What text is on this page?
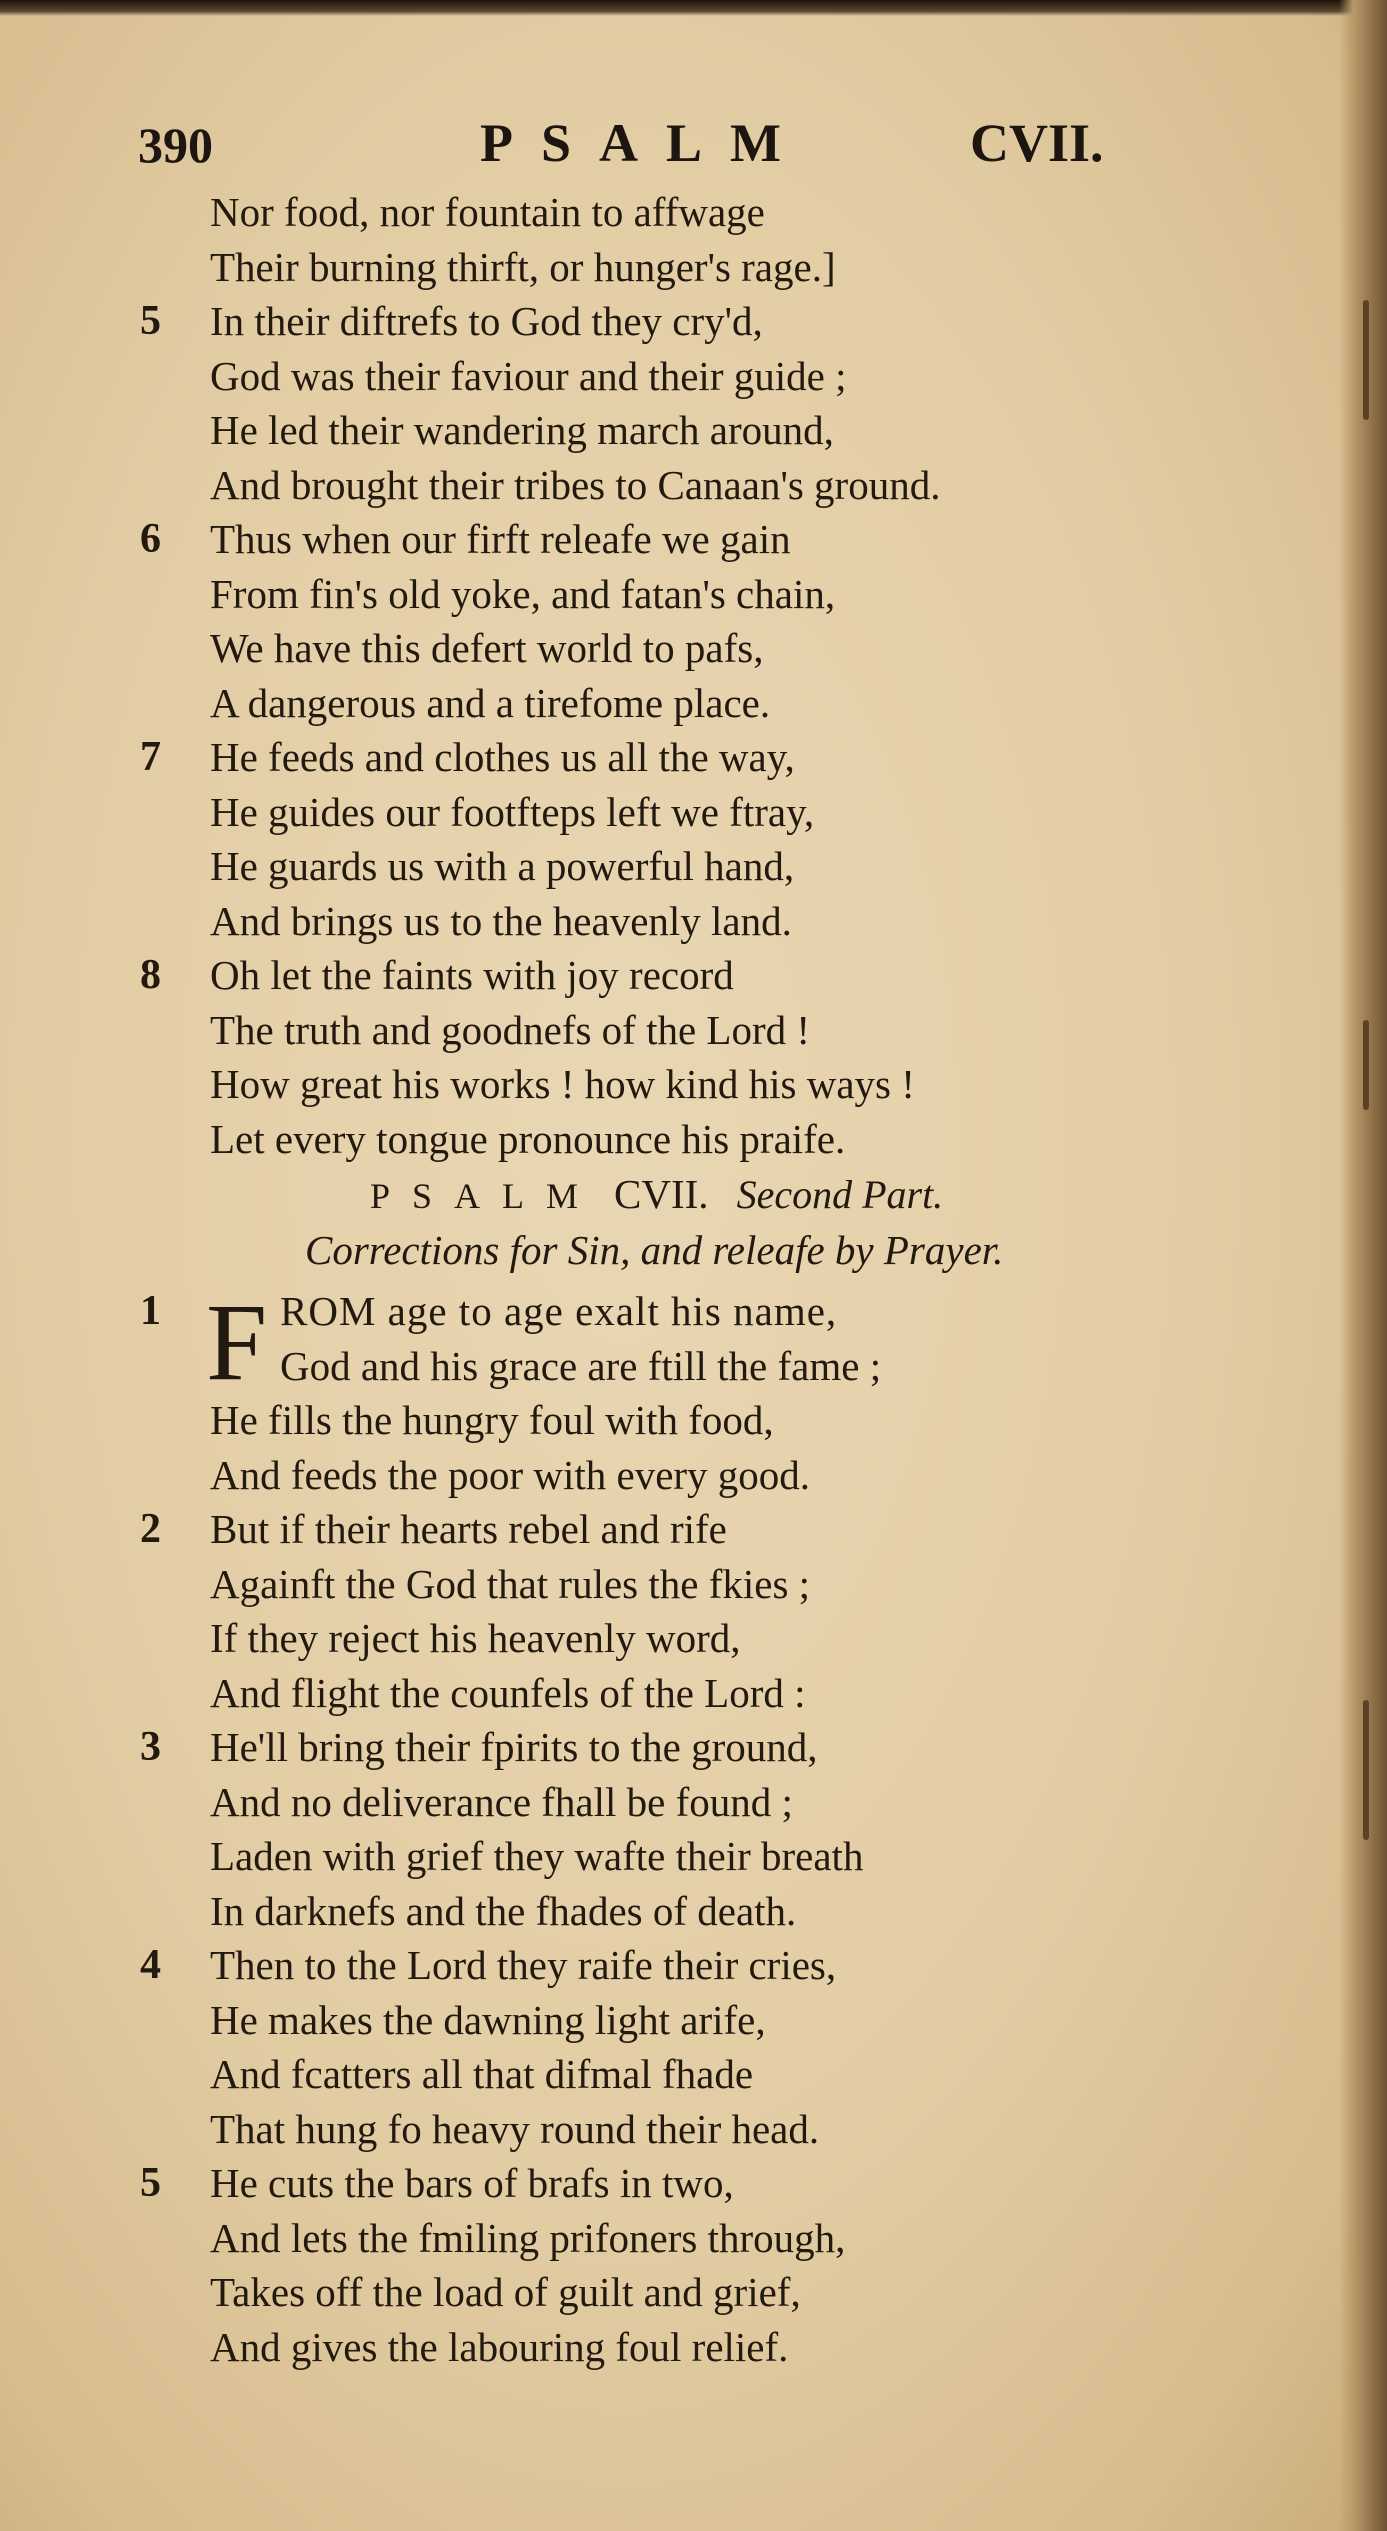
390	PSALM	CVII.
Nor food, nor fountain to affwage
Their burning thirft, or hunger's rage.]
5	In their diftrefs to God they cry'd,
God was their faviour and their guide ;
He led their wandering march around,
And brought their tribes to Canaan's ground.
6	Thus when our firft releafe we gain
From fin's old yoke, and fatan's chain,
We have this defert world to pafs,
A dangerous and a tirefome place.
7	He feeds and clothes us all the way,
He guides our footfteps left we ftray,
He guards us with a powerful hand,
And brings us to the heavenly land.
8	Oh let the faints with joy record
The truth and goodnefs of the Lord !
How great his works ! how kind his ways !
Let every tongue pronounce his praife.
PSALM CVII. Second Part.
Corrections for Sin, and releafe by Prayer.
1 F ROM age to age exalt his name,
God and his grace are ftill the fame ;
He fills the hungry foul with food,
And feeds the poor with every good.
2	But if their hearts rebel and rife
Againft the God that rules the fkies ;
If they reject his heavenly word,
And flight the counfels of the Lord :
3	He'll bring their fpirits to the ground,
And no deliverance fhall be found ;
Laden with grief they wafte their breath
In darknefs and the fhades of death.
4	Then to the Lord they raife their cries,
He makes the dawning light arife,
And fcatters all that difmal fhade
That hung fo heavy round their head.
5	He cuts the bars of brafs in two,
And lets the fmiling prifoners through,
Takes off the load of guilt and grief,
And gives the labouring foul relief.
